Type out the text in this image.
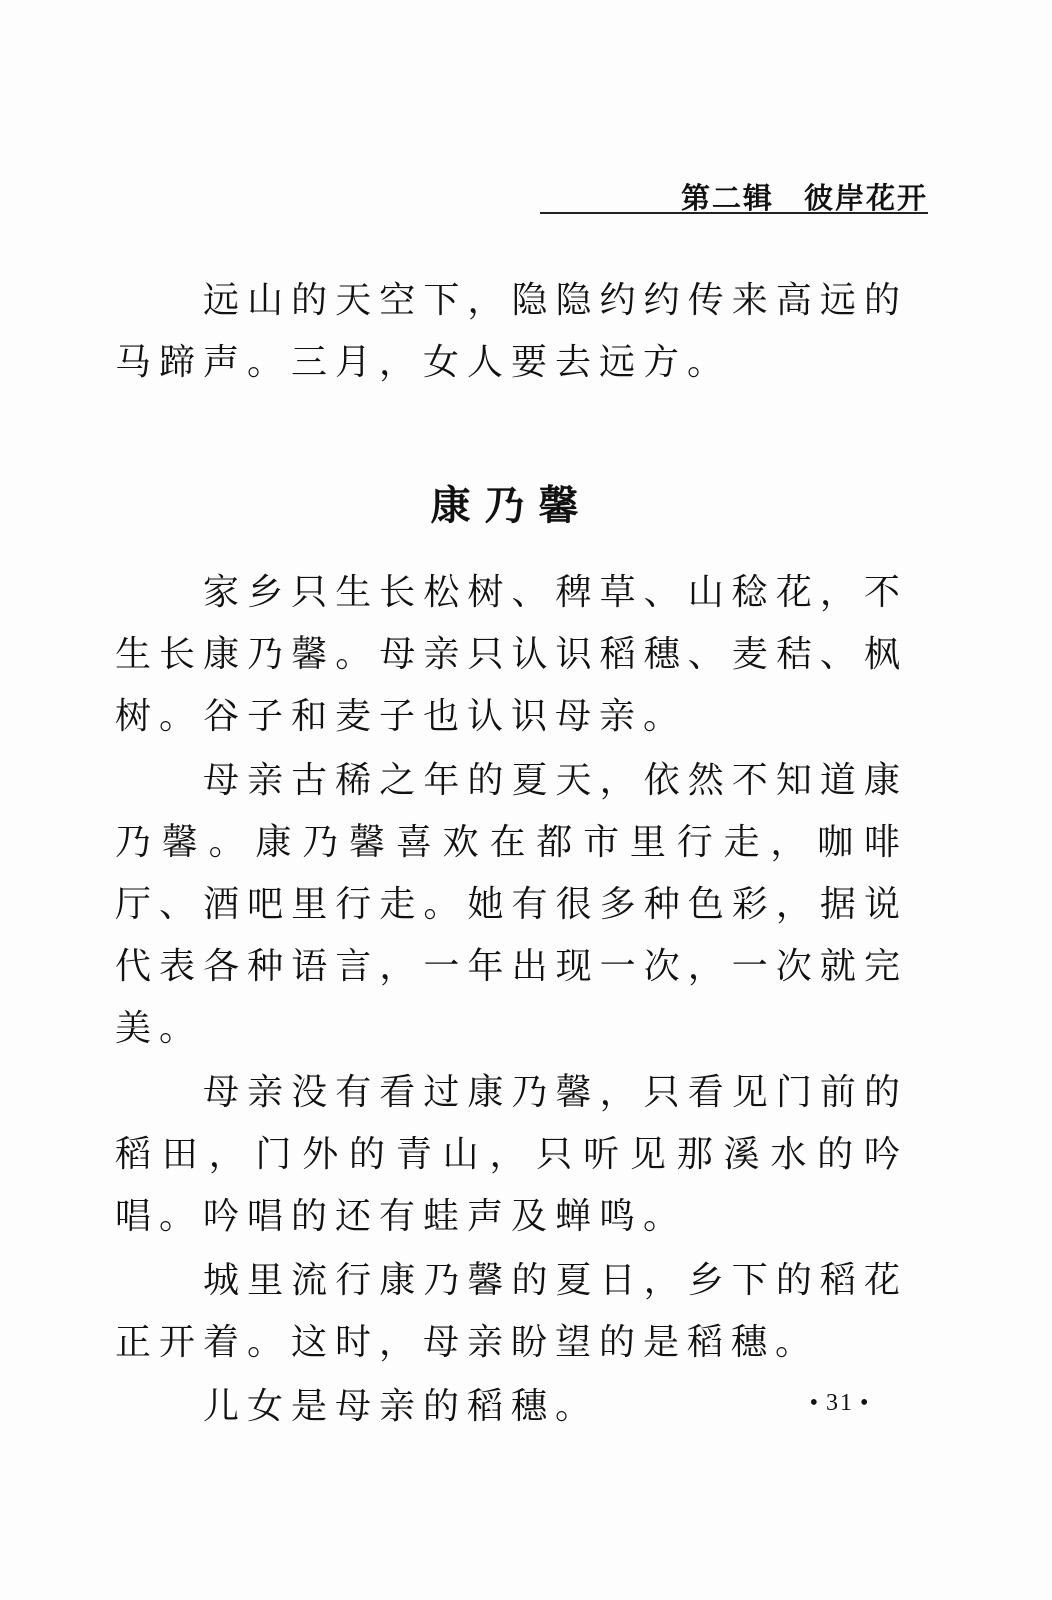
第二辑 彼岸花开

远山的天空下，隐隐约约传来高远的马蹄声。三月，女人要去远方。

康乃馨

家乡只生长松树、稗草、山稔花，不生长康乃馨。母亲只认识稻穗、麦秸、枫树。谷子和麦子也认识母亲。

母亲古稀之年的夏天，依然不知道康乃馨。康乃馨喜欢在都市里行走，咖啡厅、酒吧里行走。她有很多种色彩，据说代表各种语言，一年出现一次，一次就完美。

母亲没有看过康乃馨，只看见门前的稻田，门外的青山，只听见那溪水的吟唱。吟唱的还有蛙声及蝉鸣。

城里流行康乃馨的夏日，乡下的稻花正开着。这时，母亲盼望的是稻穗。

儿女是母亲的稻穗。	• 31 •
